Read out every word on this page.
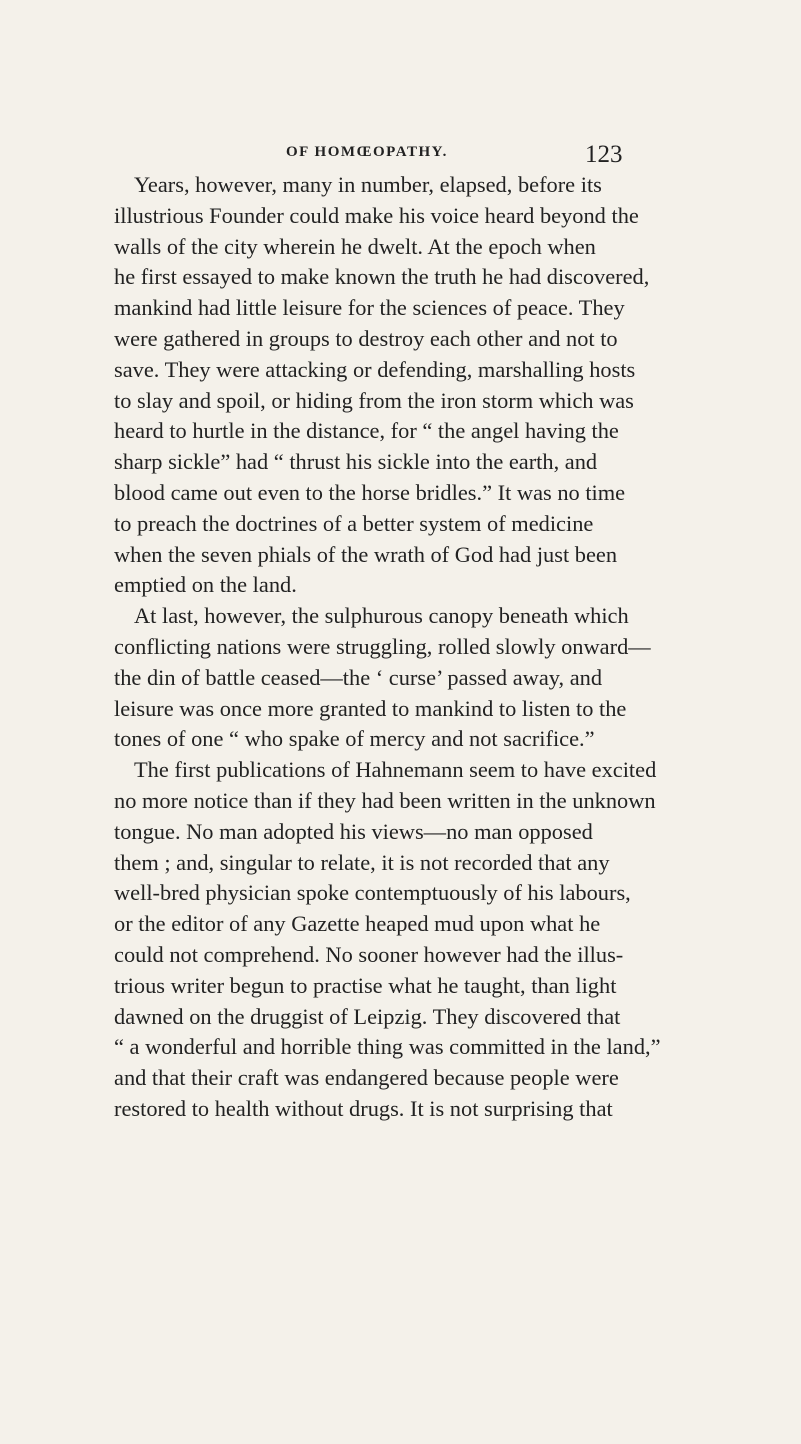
OF HOMŒOPATHY.	123
Years, however, many in number, elapsed, before its
illustrious Founder could make his voice heard beyond the
walls of the city wherein he dwelt. At the epoch when
he first essayed to make known the truth he had discovered,
mankind had little leisure for the sciences of peace. They
were gathered in groups to destroy each other and not to
save. They were attacking or defending, marshalling hosts
to slay and spoil, or hiding from the iron storm which was
heard to hurtle in the distance, for “ the angel having the
sharp sickle” had “ thrust his sickle into the earth, and
blood came out even to the horse bridles.” It was no time
to preach the doctrines of a better system of medicine
when the seven phials of the wrath of God had just been
emptied on the land.
At last, however, the sulphurous canopy beneath which
conflicting nations were struggling, rolled slowly onward—
the din of battle ceased—the ‘ curse’ passed away, and
leisure was once more granted to mankind to listen to the
tones of one “ who spake of mercy and not sacrifice.”
The first publications of Hahnemann seem to have excited
no more notice than if they had been written in the unknown
tongue. No man adopted his views—no man opposed
them ; and, singular to relate, it is not recorded that any
well-bred physician spoke contemptuously of his labours,
or the editor of any Gazette heaped mud upon what he
could not comprehend. No sooner however had the illus-
trious writer begun to practise what he taught, than light
dawned on the druggist of Leipzig. They discovered that
“ a wonderful and horrible thing was committed in the land,”
and that their craft was endangered because people were
restored to health without drugs. It is not surprising that
